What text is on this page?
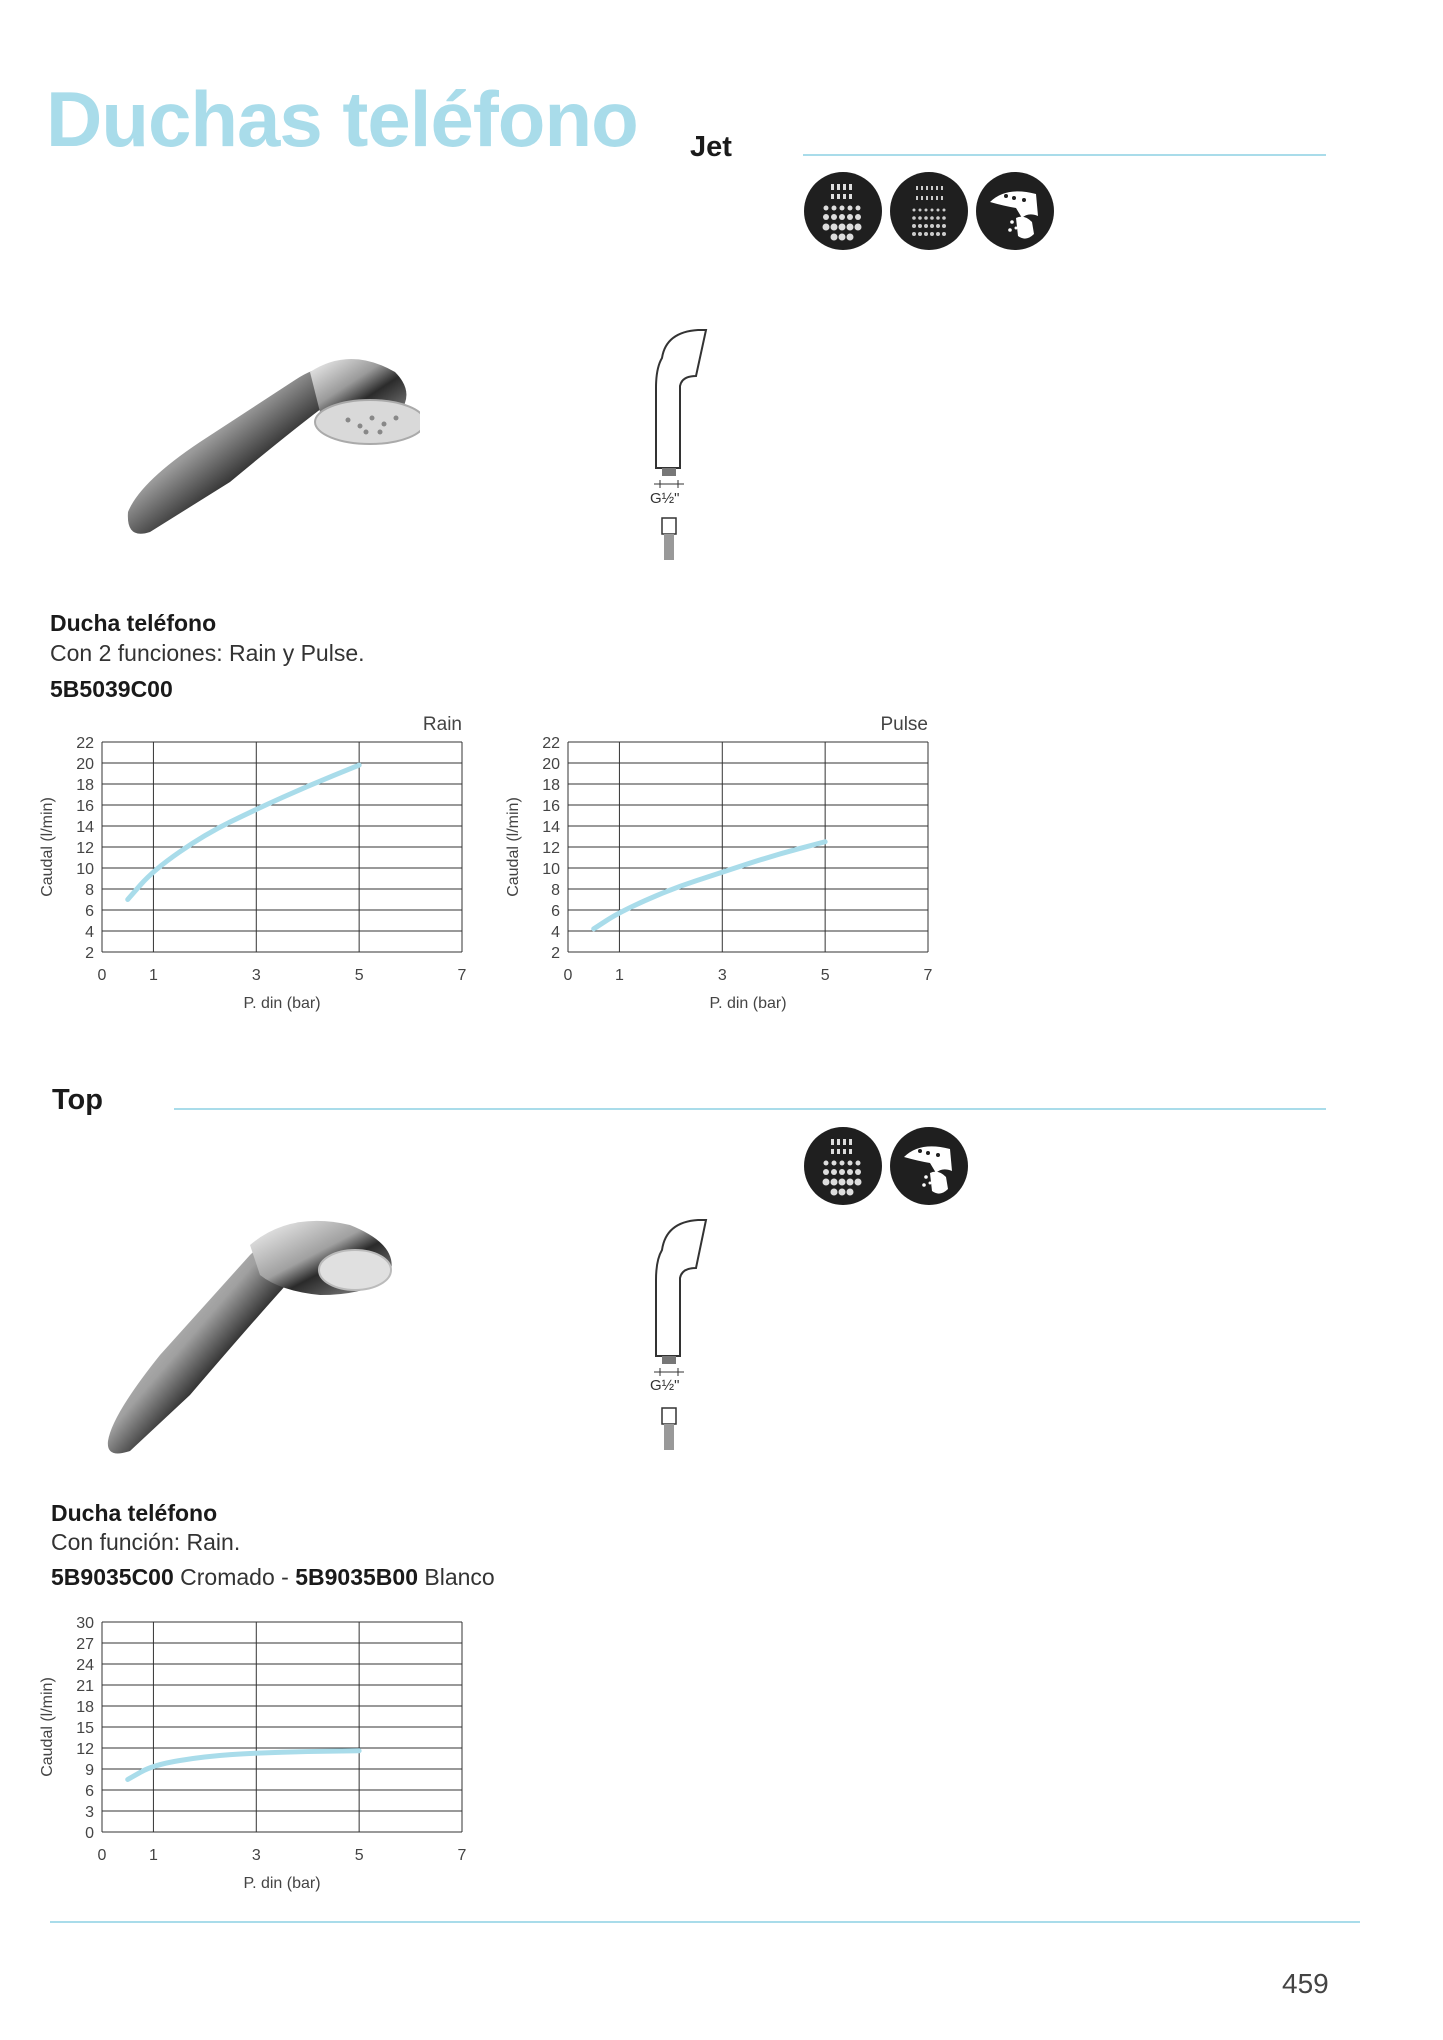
Duchas teléfono Jet
G½"
Ducha teléfono
Con 2 funciones: Rain y Pulse.
5B5039C00
2
4
6
8
10
12
14
16
18
20
22
0	1	3	5	7
P. din (bar)
Caudal (l/min)
Rain
2
4
6
8
10
12
14
16
18
20
22
0	1	3	5	7
P. din (bar)
Caudal (l/min)
Pulse
Top
G½"
Ducha teléfono
Con función: Rain.
5B9035C00 Cromado - 5B9035B00 Blanco
0
3
6
9
12
15
18
21
24
27
30
0	1	3	5	7
P. din (bar)
Caudal (l/min)
459
